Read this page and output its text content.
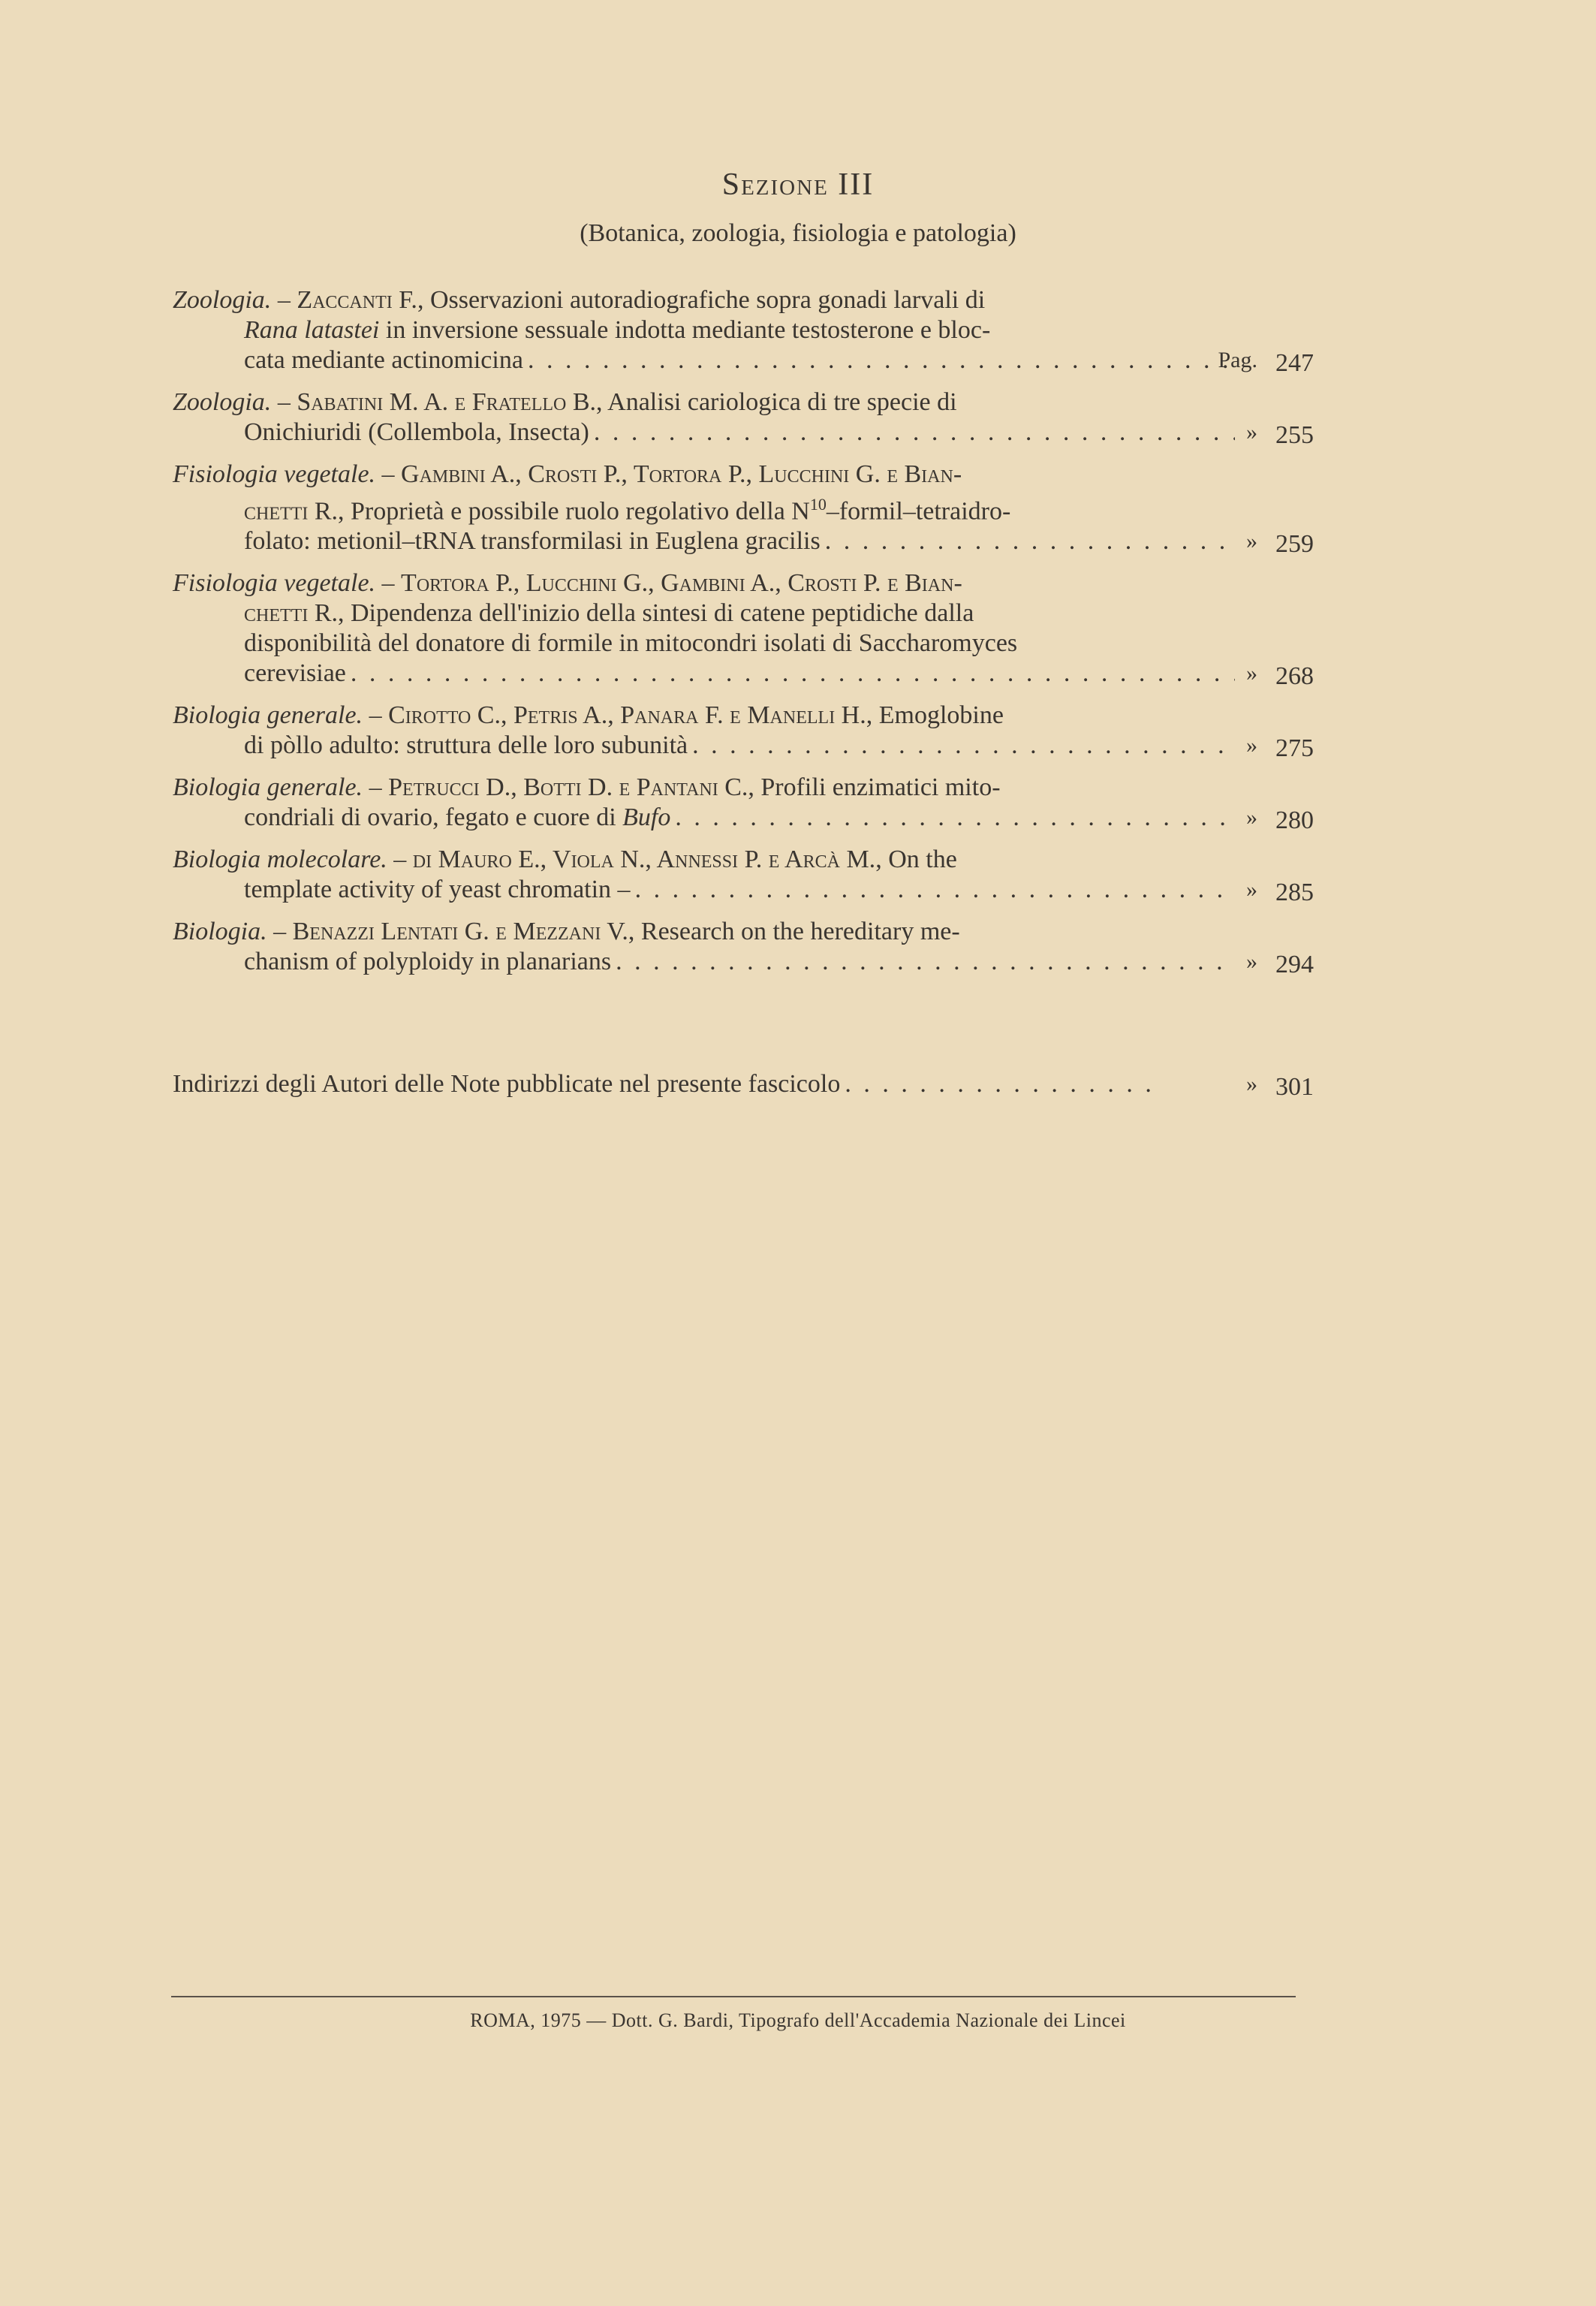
Sezione III
(Botanica, zoologia, fisiologia e patologia)
Zoologia. – Zaccanti F., Osservazioni autoradiografiche sopra gonadi larvali di
Rana latastei in inversione sessuale indotta mediante testosterone e bloc-
cata mediante actinomicina . . .	Pag. 247
Zoologia. – Sabatini M. A. e Fratello B., Analisi cariologica di tre specie di
Onichiuridi (Collembola, Insecta) . . .	» 255
Fisiologia vegetale. – Gambini A., Crosti P., Tortora P., Lucchini G. e Bian-
chetti R., Proprietà e possibile ruolo regolativo della $N^{10}-formil-tetraidro-$
folato: metionil–tRNA transformilasi in Euglena gracilis . . .	» 259
Fisiologia vegetale. – Tortora P., Lucchini G., Gambini A., Crosti P. e Bian-
chetti R., Dipendenza dell'inizio della sintesi di catene peptidiche dalla
disponibilità del donatore di formile in mitocondri isolati di Saccharomyces
cerevisiae . . .	» 268
Biologia generale. – Cirotto C., Petris A., Panara F. e Manelli H., Emoglobine
di pòllo adulto: struttura delle loro subunità . . .	» 275
Biologia generale. – Petrucci D., Botti D. e Pantani C., Profili enzimatici mito-
condriali di ovario, fegato e cuore di
Bufo . . .	» 280
Biologia molecolare. – di Mauro E., Viola N., Annessi P. e Arcà M., On the
template activity of yeast chromatin – . . .	» 285
Biologia. – Benazzi Lentati G. e Mezzani V., Research on the hereditary me-
chanism of polyploidy in planarians . . .	» 294
Indirizzi degli Autori delle Note pubblicate nel presente fascicolo . . .	» 301
ROMA, 1975 — Dott. G. Bardi, Tipografo dell'Accademia Nazionale dei Lincei
